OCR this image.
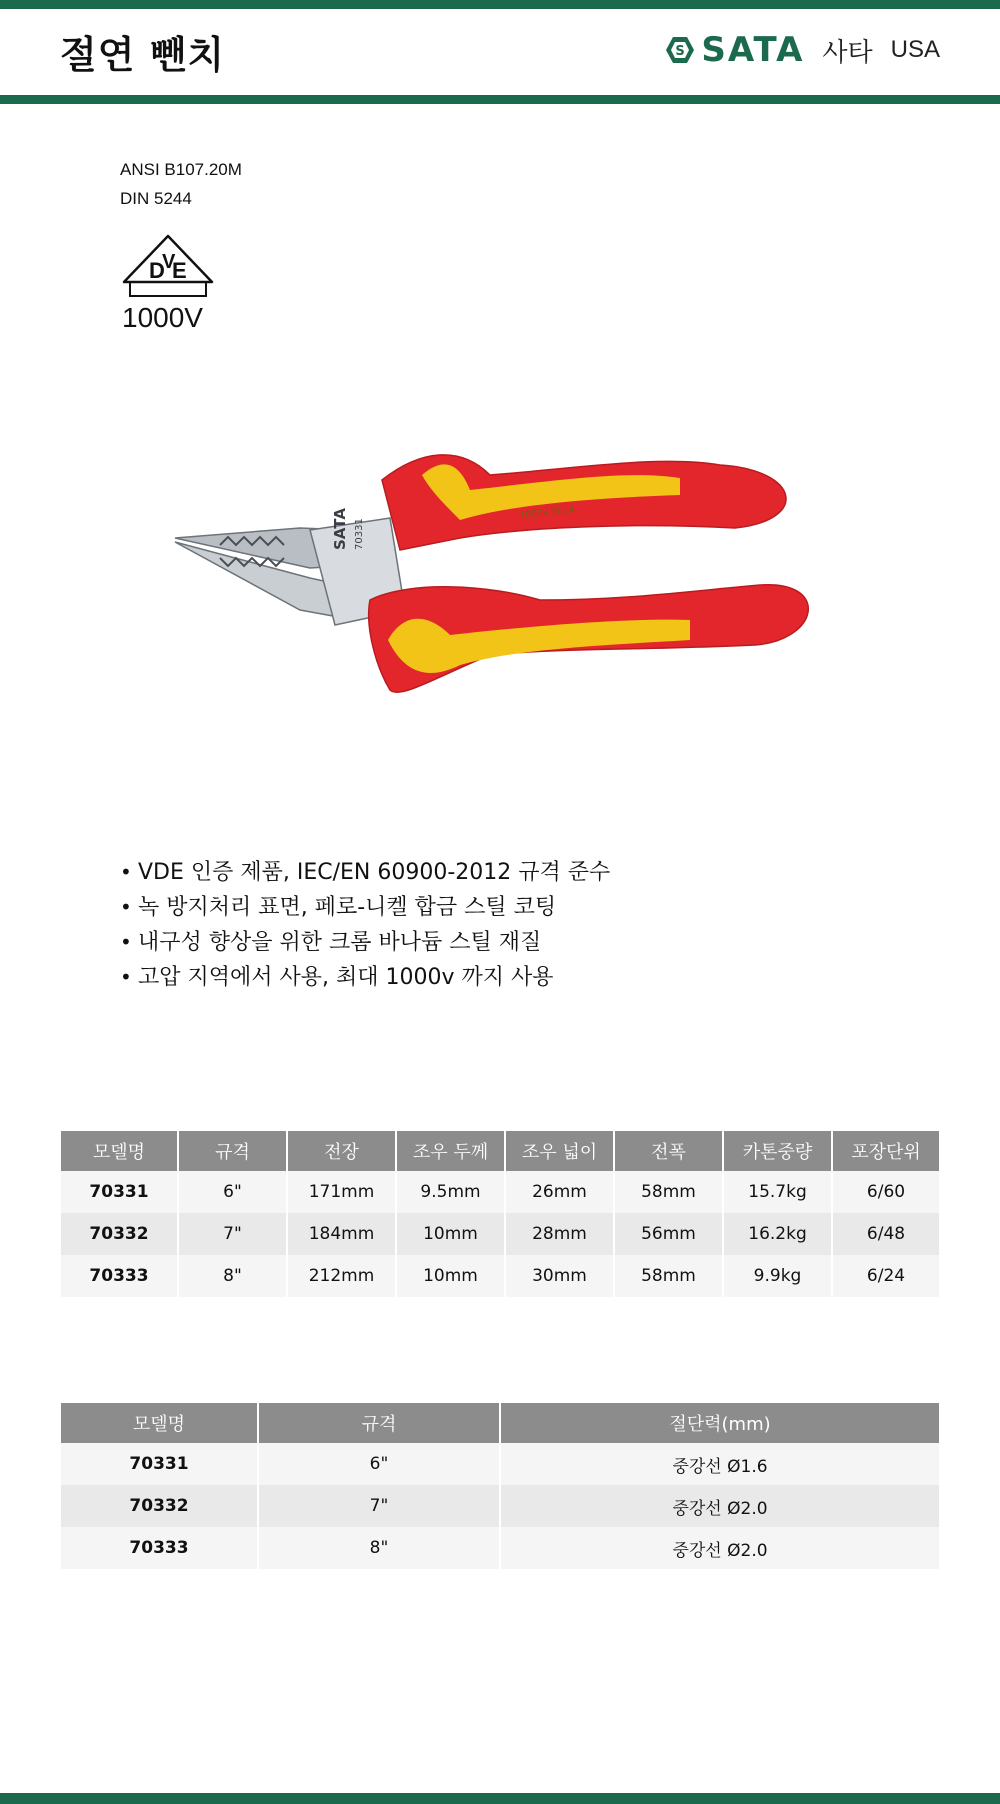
절연 뺀치	S SATA 사타 USA
ANSI B107.20M
DIN 5244
D
V
E
1000V
SATA 70331
1000V 2014
• VDE 인증 제품, IEC/EN 60900-2012 규격 준수
• 녹 방지처리 표면, 페로-니켈 합금 스틸 코팅
• 내구성 향상을 위한 크롬 바나듐 스틸 재질
• 고압 지역에서 사용, 최대 1000v 까지 사용
모델명	규격	전장	조우 두께	조우 넓이	전폭	카톤중량	포장단위
70331	6"	171mm	9.5mm	26mm	58mm	15.7kg	6/60
70332	7"	184mm	10mm	28mm	56mm	16.2kg	6/48
70333	8"	212mm	10mm	30mm	58mm	9.9kg	6/24
모델명	규격	절단력(mm)
70331	6"	중강선 Ø1.6
70332	7"	중강선 Ø2.0
70333	8"	중강선 Ø2.0
